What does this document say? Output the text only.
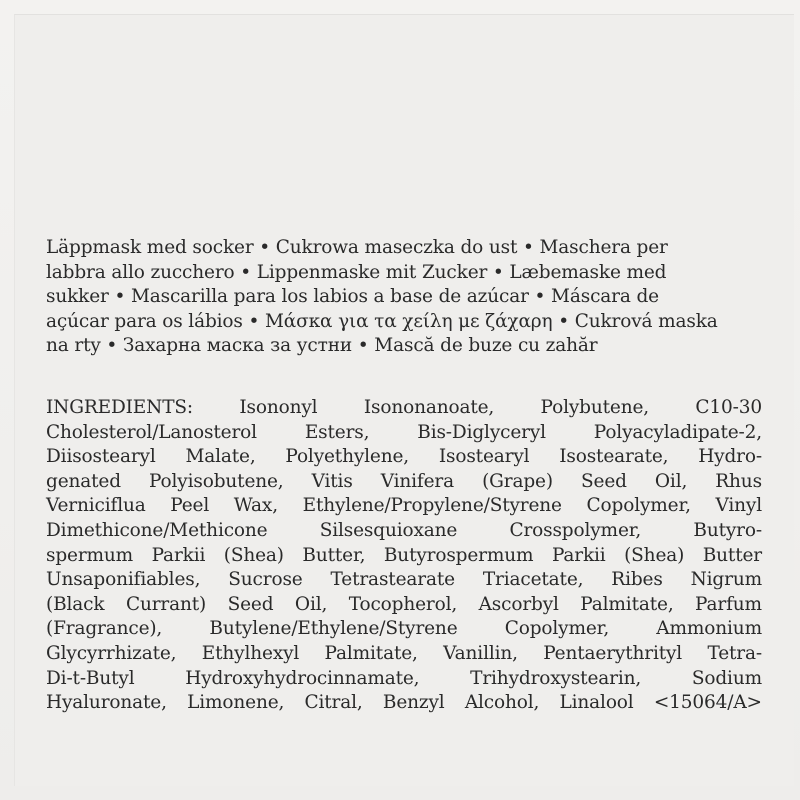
Läppmask med socker • Cukrowa maseczka do ust • Maschera per
labbra allo zucchero • Lippenmaske mit Zucker • Læbemaske med
sukker • Mascarilla para los labios a base de azúcar • Máscara de
açúcar para os lábios • Μάσκα για τα χείλη με ζάχαρη • Cukrová maska
na rty • Захарна маска за устни • Mască de buze cu zahăr
INGREDIENTS:	Isononyl	Isononanoate,	Polybutene,	C10-30
Cholesterol/Lanosterol	Esters,	Bis-Diglyceryl	Polyacyladipate-2,
Diisostearyl Malate, Polyethylene, Isostearyl Isostearate, Hydro-
genated Polyisobutene, Vitis Vinifera (Grape) Seed Oil, Rhus
Verniciflua Peel Wax, Ethylene/Propylene/Styrene Copolymer, Vinyl
Dimethicone/Methicone	Silsesquioxane	Crosspolymer,	Butyro-
spermum Parkii (Shea) Butter, Butyrospermum Parkii (Shea) Butter
Unsaponifiables, Sucrose Tetrastearate Triacetate, Ribes Nigrum
(Black Currant) Seed Oil, Tocopherol, Ascorbyl Palmitate, Parfum
(Fragrance),	Butylene/Ethylene/Styrene	Copolymer,	Ammonium
Glycyrrhizate, Ethylhexyl Palmitate, Vanillin, Pentaerythrityl Tetra-
Di-t-Butyl	Hydroxyhydrocinnamate,	Trihydroxystearin,	Sodium
Hyaluronate, Limonene, Citral, Benzyl Alcohol, Linalool <15064/A>
